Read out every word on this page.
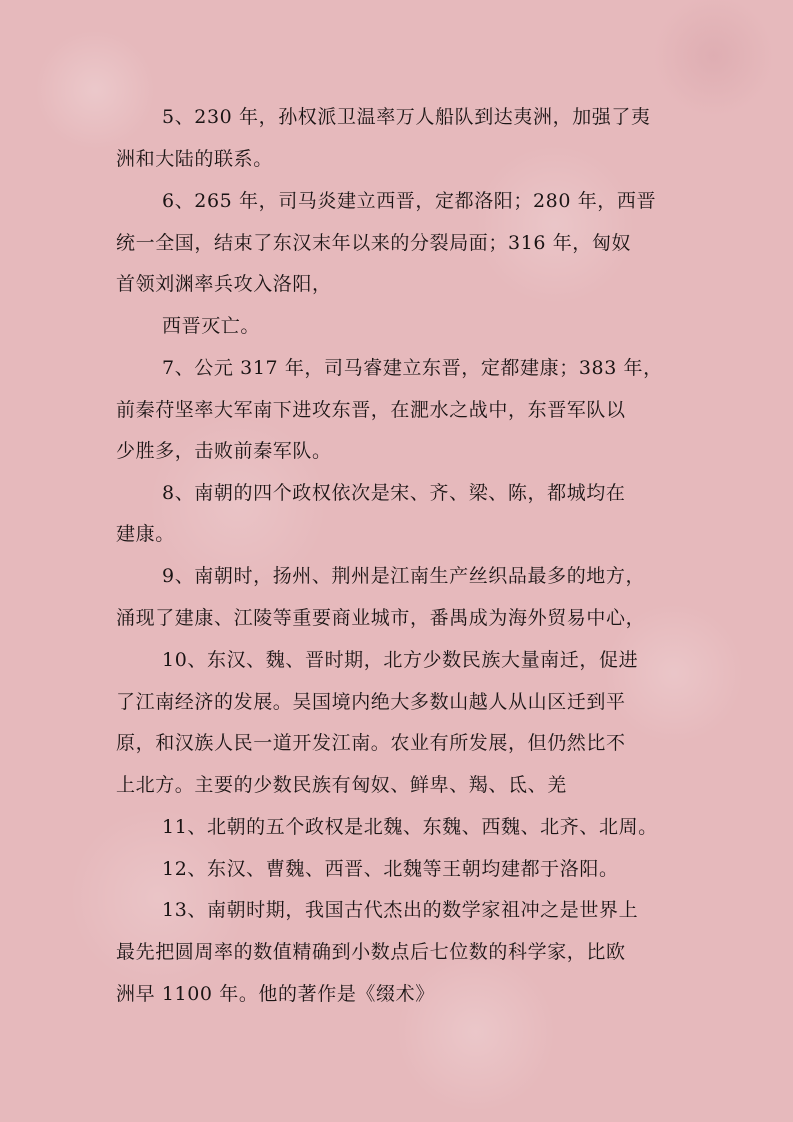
5、230 年，孙权派卫温率万人船队到达夷洲，加强了夷
洲和大陆的联系。
6、265 年，司马炎建立西晋，定都洛阳；280 年，西晋
统一全国，结束了东汉末年以来的分裂局面；316 年，匈奴
首领刘渊率兵攻入洛阳，
西晋灭亡。
7、公元 317 年，司马睿建立东晋，定都建康；383 年，
前秦苻坚率大军南下进攻东晋，在淝水之战中，东晋军队以
少胜多，击败前秦军队。
8、南朝的四个政权依次是宋、齐、梁、陈，都城均在
建康。
9、南朝时，扬州、荆州是江南生产丝织品最多的地方，
涌现了建康、江陵等重要商业城市，番禺成为海外贸易中心，
10、东汉、魏、晋时期，北方少数民族大量南迁，促进
了江南经济的发展。吴国境内绝大多数山越人从山区迁到平
原，和汉族人民一道开发江南。农业有所发展，但仍然比不
上北方。主要的少数民族有匈奴、鲜卑、羯、氐、羌
11、北朝的五个政权是北魏、东魏、西魏、北齐、北周。
12、东汉、曹魏、西晋、北魏等王朝均建都于洛阳。
13、南朝时期，我国古代杰出的数学家祖冲之是世界上
最先把圆周率的数值精确到小数点后七位数的科学家，比欧
洲早 1100 年。他的著作是《缀术》
